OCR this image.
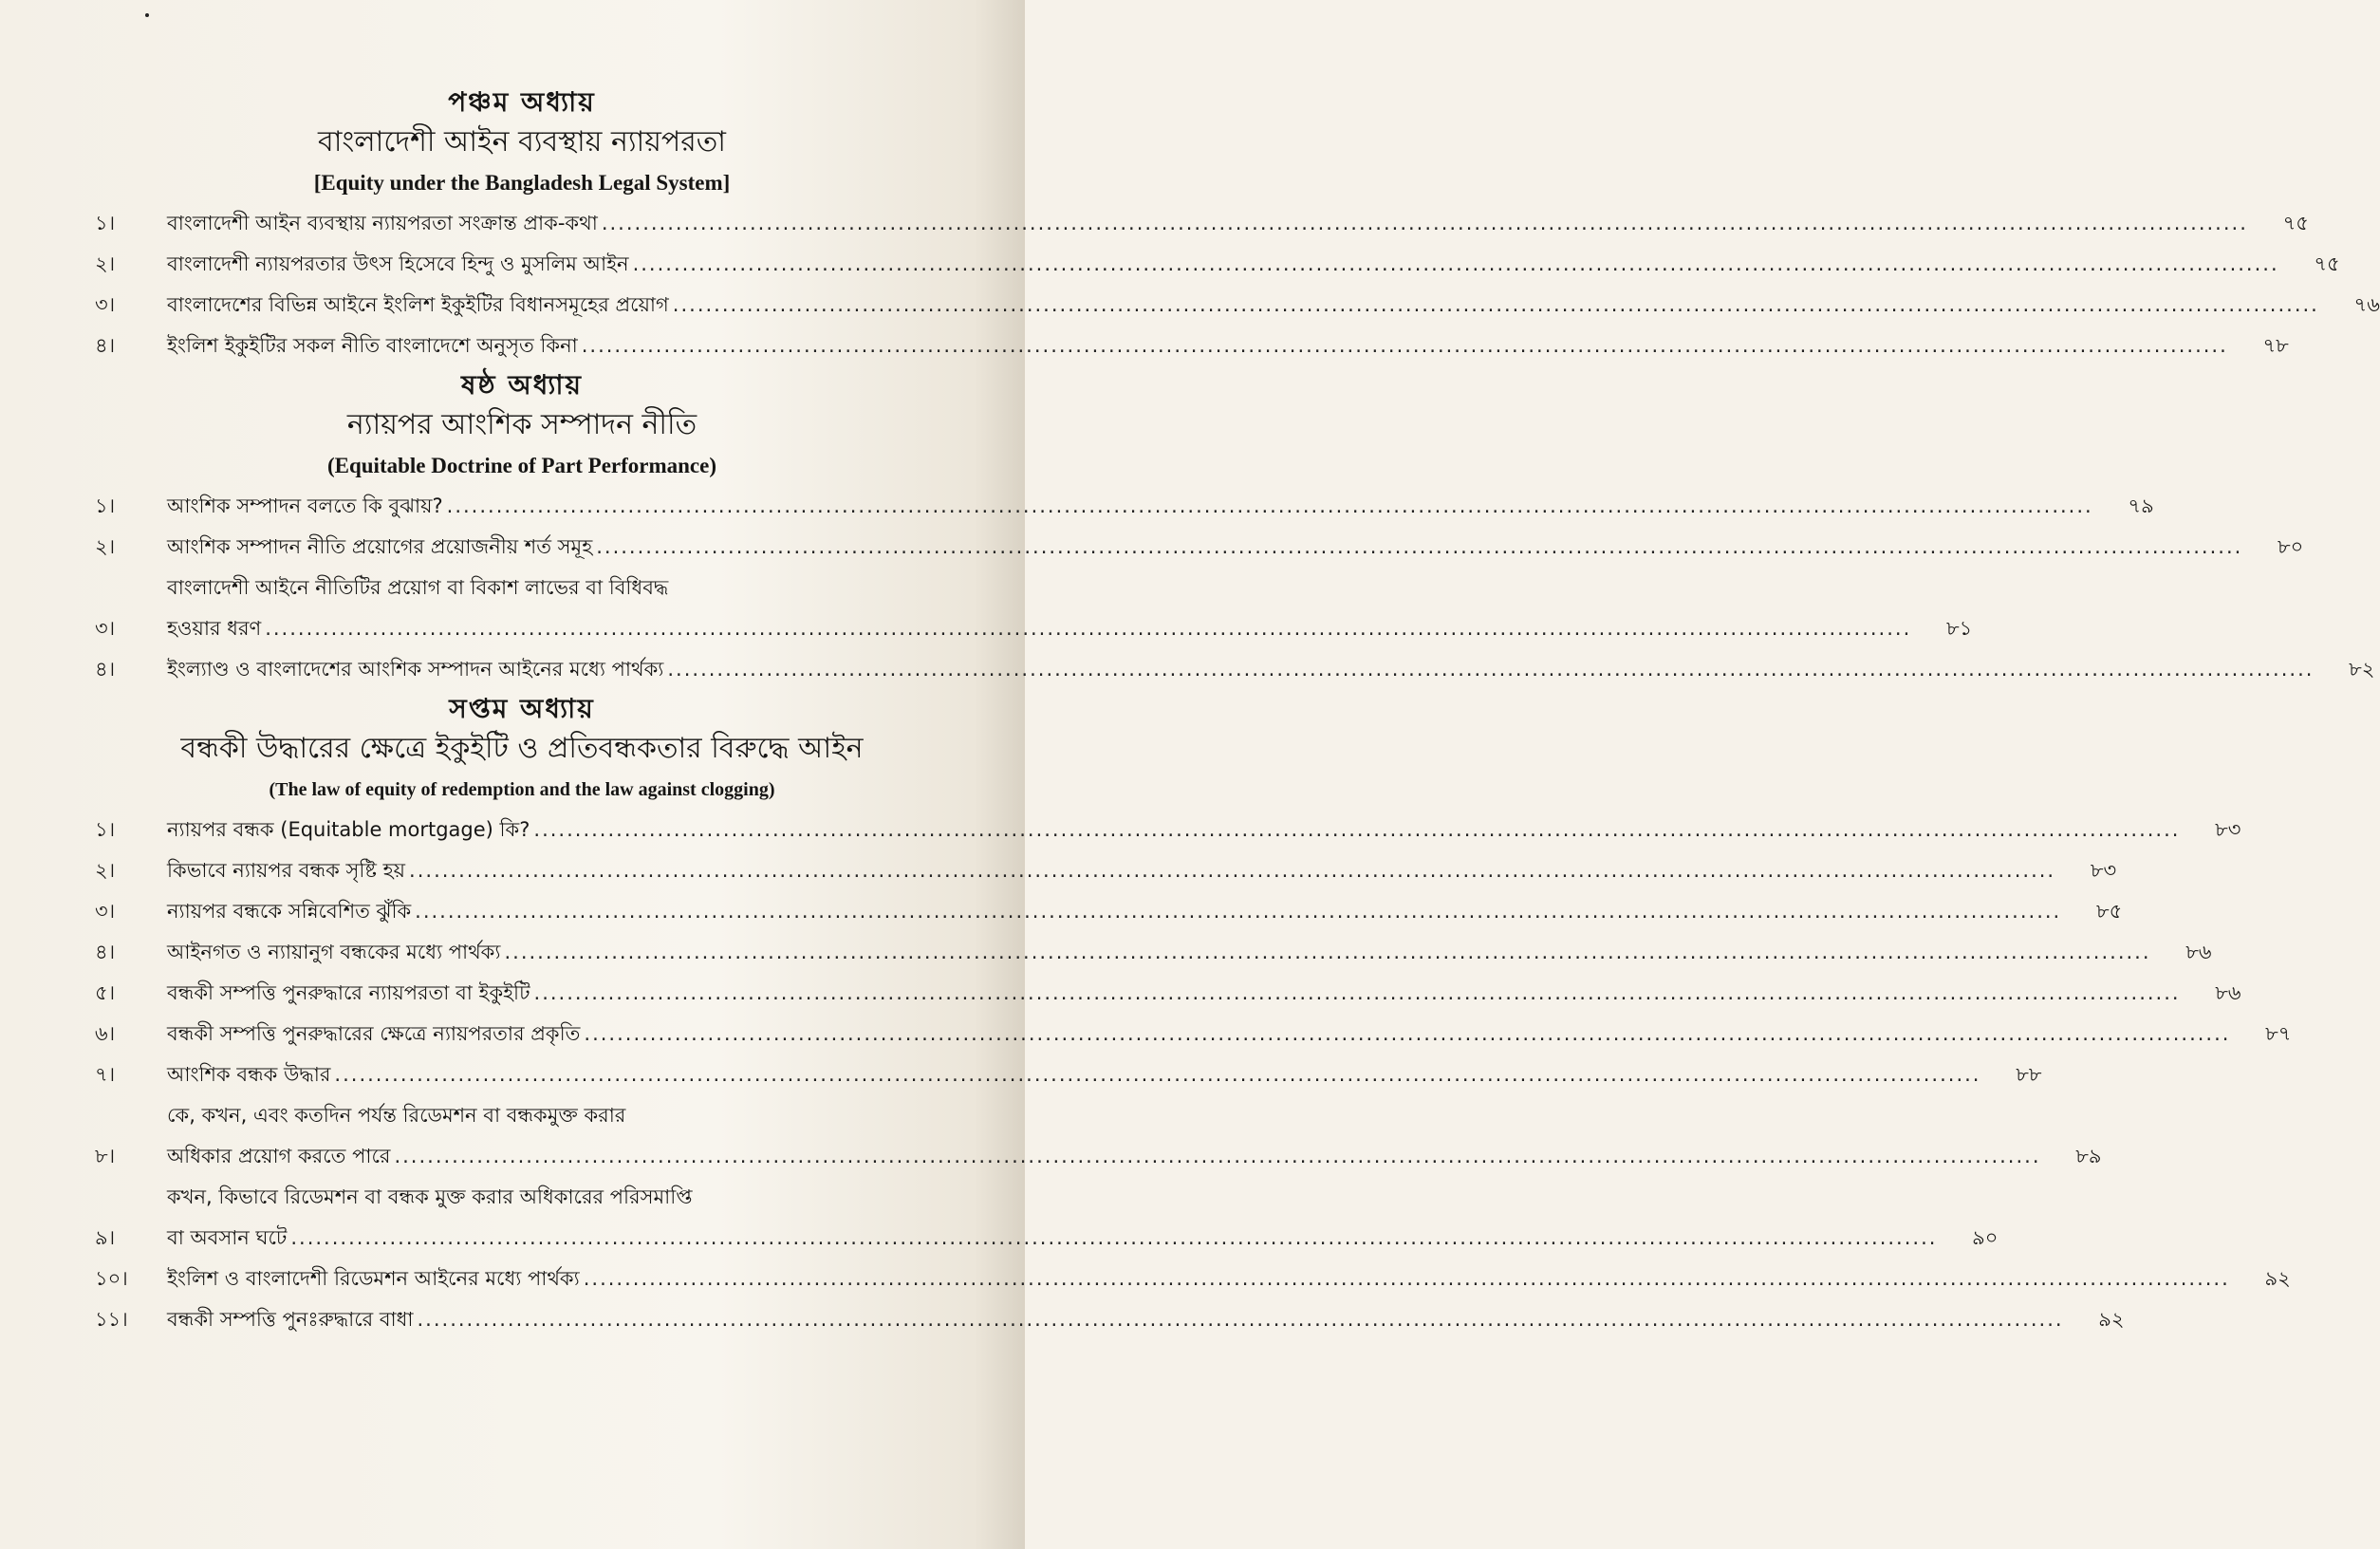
পঞ্চম অধ্যায়
বাংলাদেশী আইন ব্যবস্থায় ন্যায়পরতা
[Equity under the Bangladesh Legal System]
১।	বাংলাদেশী আইন ব্যবস্থায় ন্যায়পরতা সংক্রান্ত প্রাক-কথা ........................................................................................................................................................................................................	৭৫
২।	বাংলাদেশী ন্যায়পরতার উৎস হিসেবে হিন্দু ও মুসলিম আইন ........................................................................................................................................................................................................	৭৫
৩।	বাংলাদেশের বিভিন্ন আইনে ইংলিশ ইকুইটির বিধানসমূহের প্রয়োগ ........................................................................................................................................................................................................	৭৬
৪।	ইংলিশ ইকুইটির সকল নীতি বাংলাদেশে অনুসৃত কিনা ........................................................................................................................................................................................................	৭৮
ষষ্ঠ অধ্যায়
ন্যায়পর আংশিক সম্পাদন নীতি
(Equitable Doctrine of Part Performance)
১।	আংশিক সম্পাদন বলতে কি বুঝায়? ........................................................................................................................................................................................................	৭৯
২।	আংশিক সম্পাদন নীতি প্রয়োগের প্রয়োজনীয় শর্ত সমূহ ........................................................................................................................................................................................................	৮০
৩।
বাংলাদেশী আইনে নীতিটির প্রয়োগ বা বিকাশ লাভের বা বিধিবদ্ধ
হওয়ার ধরণ ........................................................................................................................................................................................................	৮১
৪।	ইংল্যাণ্ড ও বাংলাদেশের আংশিক সম্পাদন আইনের মধ্যে পার্থক্য ........................................................................................................................................................................................................	৮২
সপ্তম অধ্যায়
বন্ধকী উদ্ধারের ক্ষেত্রে ইকুইটি ও প্রতিবন্ধকতার বিরুদ্ধে আইন
(The law of equity of redemption and the law against clogging)
১।	ন্যায়পর বন্ধক (Equitable mortgage) কি? ........................................................................................................................................................................................................	৮৩
২।	কিভাবে ন্যায়পর বন্ধক সৃষ্টি হয় ........................................................................................................................................................................................................	৮৩
৩।	ন্যায়পর বন্ধকে সন্নিবেশিত ঝুঁকি ........................................................................................................................................................................................................	৮৫
৪।	আইনগত ও ন্যায়ানুগ বন্ধকের মধ্যে পার্থক্য ........................................................................................................................................................................................................	৮৬
৫।	বন্ধকী সম্পত্তি পুনরুদ্ধারে ন্যায়পরতা বা ইকুইটি ........................................................................................................................................................................................................	৮৬
৬।	বন্ধকী সম্পত্তি পুনরুদ্ধারের ক্ষেত্রে ন্যায়পরতার প্রকৃতি ........................................................................................................................................................................................................	৮৭
৭।	আংশিক বন্ধক উদ্ধার ........................................................................................................................................................................................................	৮৮
৮।
কে, কখন, এবং কতদিন পর্যন্ত রিডেমশন বা বন্ধকমুক্ত করার
অধিকার প্রয়োগ করতে পারে ........................................................................................................................................................................................................	৮৯
৯।
কখন, কিভাবে রিডেমশন বা বন্ধক মুক্ত করার অধিকারের পরিসমাপ্তি
বা অবসান ঘটে ........................................................................................................................................................................................................	৯০
১০।	ইংলিশ ও বাংলাদেশী রিডেমশন আইনের মধ্যে পার্থক্য ........................................................................................................................................................................................................	৯২
১১।	বন্ধকী সম্পত্তি পুনঃরুদ্ধারে বাধা ........................................................................................................................................................................................................	৯২
